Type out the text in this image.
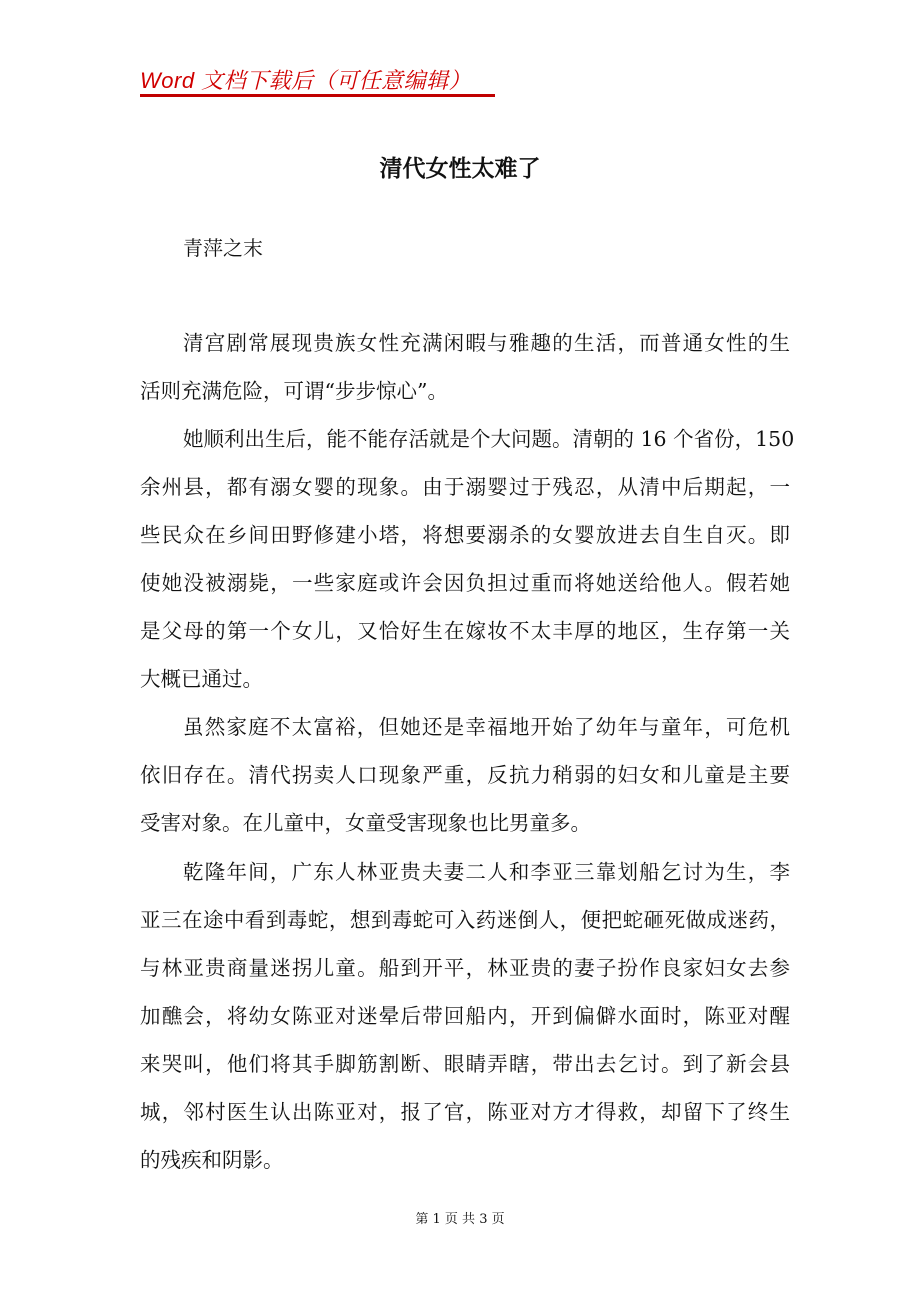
Word 文档下载后（可任意编辑）
清代女性太难了
青萍之末
清宫剧常展现贵族女性充满闲暇与雅趣的生活，而普通女性的生
活则充满危险，可谓“步步惊心”。
她顺利出生后，能不能存活就是个大问题。清朝的 16 个省份，150
余州县，都有溺女婴的现象。由于溺婴过于残忍，从清中后期起，一
些民众在乡间田野修建小塔，将想要溺杀的女婴放进去自生自灭。即
使她没被溺毙，一些家庭或许会因负担过重而将她送给他人。假若她
是父母的第一个女儿，又恰好生在嫁妆不太丰厚的地区，生存第一关
大概已通过。
虽然家庭不太富裕，但她还是幸福地开始了幼年与童年，可危机
依旧存在。清代拐卖人口现象严重，反抗力稍弱的妇女和儿童是主要
受害对象。在儿童中，女童受害现象也比男童多。
乾隆年间，广东人林亚贵夫妻二人和李亚三靠划船乞讨为生，李
亚三在途中看到毒蛇，想到毒蛇可入药迷倒人，便把蛇砸死做成迷药，
与林亚贵商量迷拐儿童。船到开平，林亚贵的妻子扮作良家妇女去参
加醮会，将幼女陈亚对迷晕后带回船内，开到偏僻水面时，陈亚对醒
来哭叫，他们将其手脚筋割断、眼睛弄瞎，带出去乞讨。到了新会县
城，邻村医生认出陈亚对，报了官，陈亚对方才得救，却留下了终生
的残疾和阴影。
第 1 页 共 3 页
